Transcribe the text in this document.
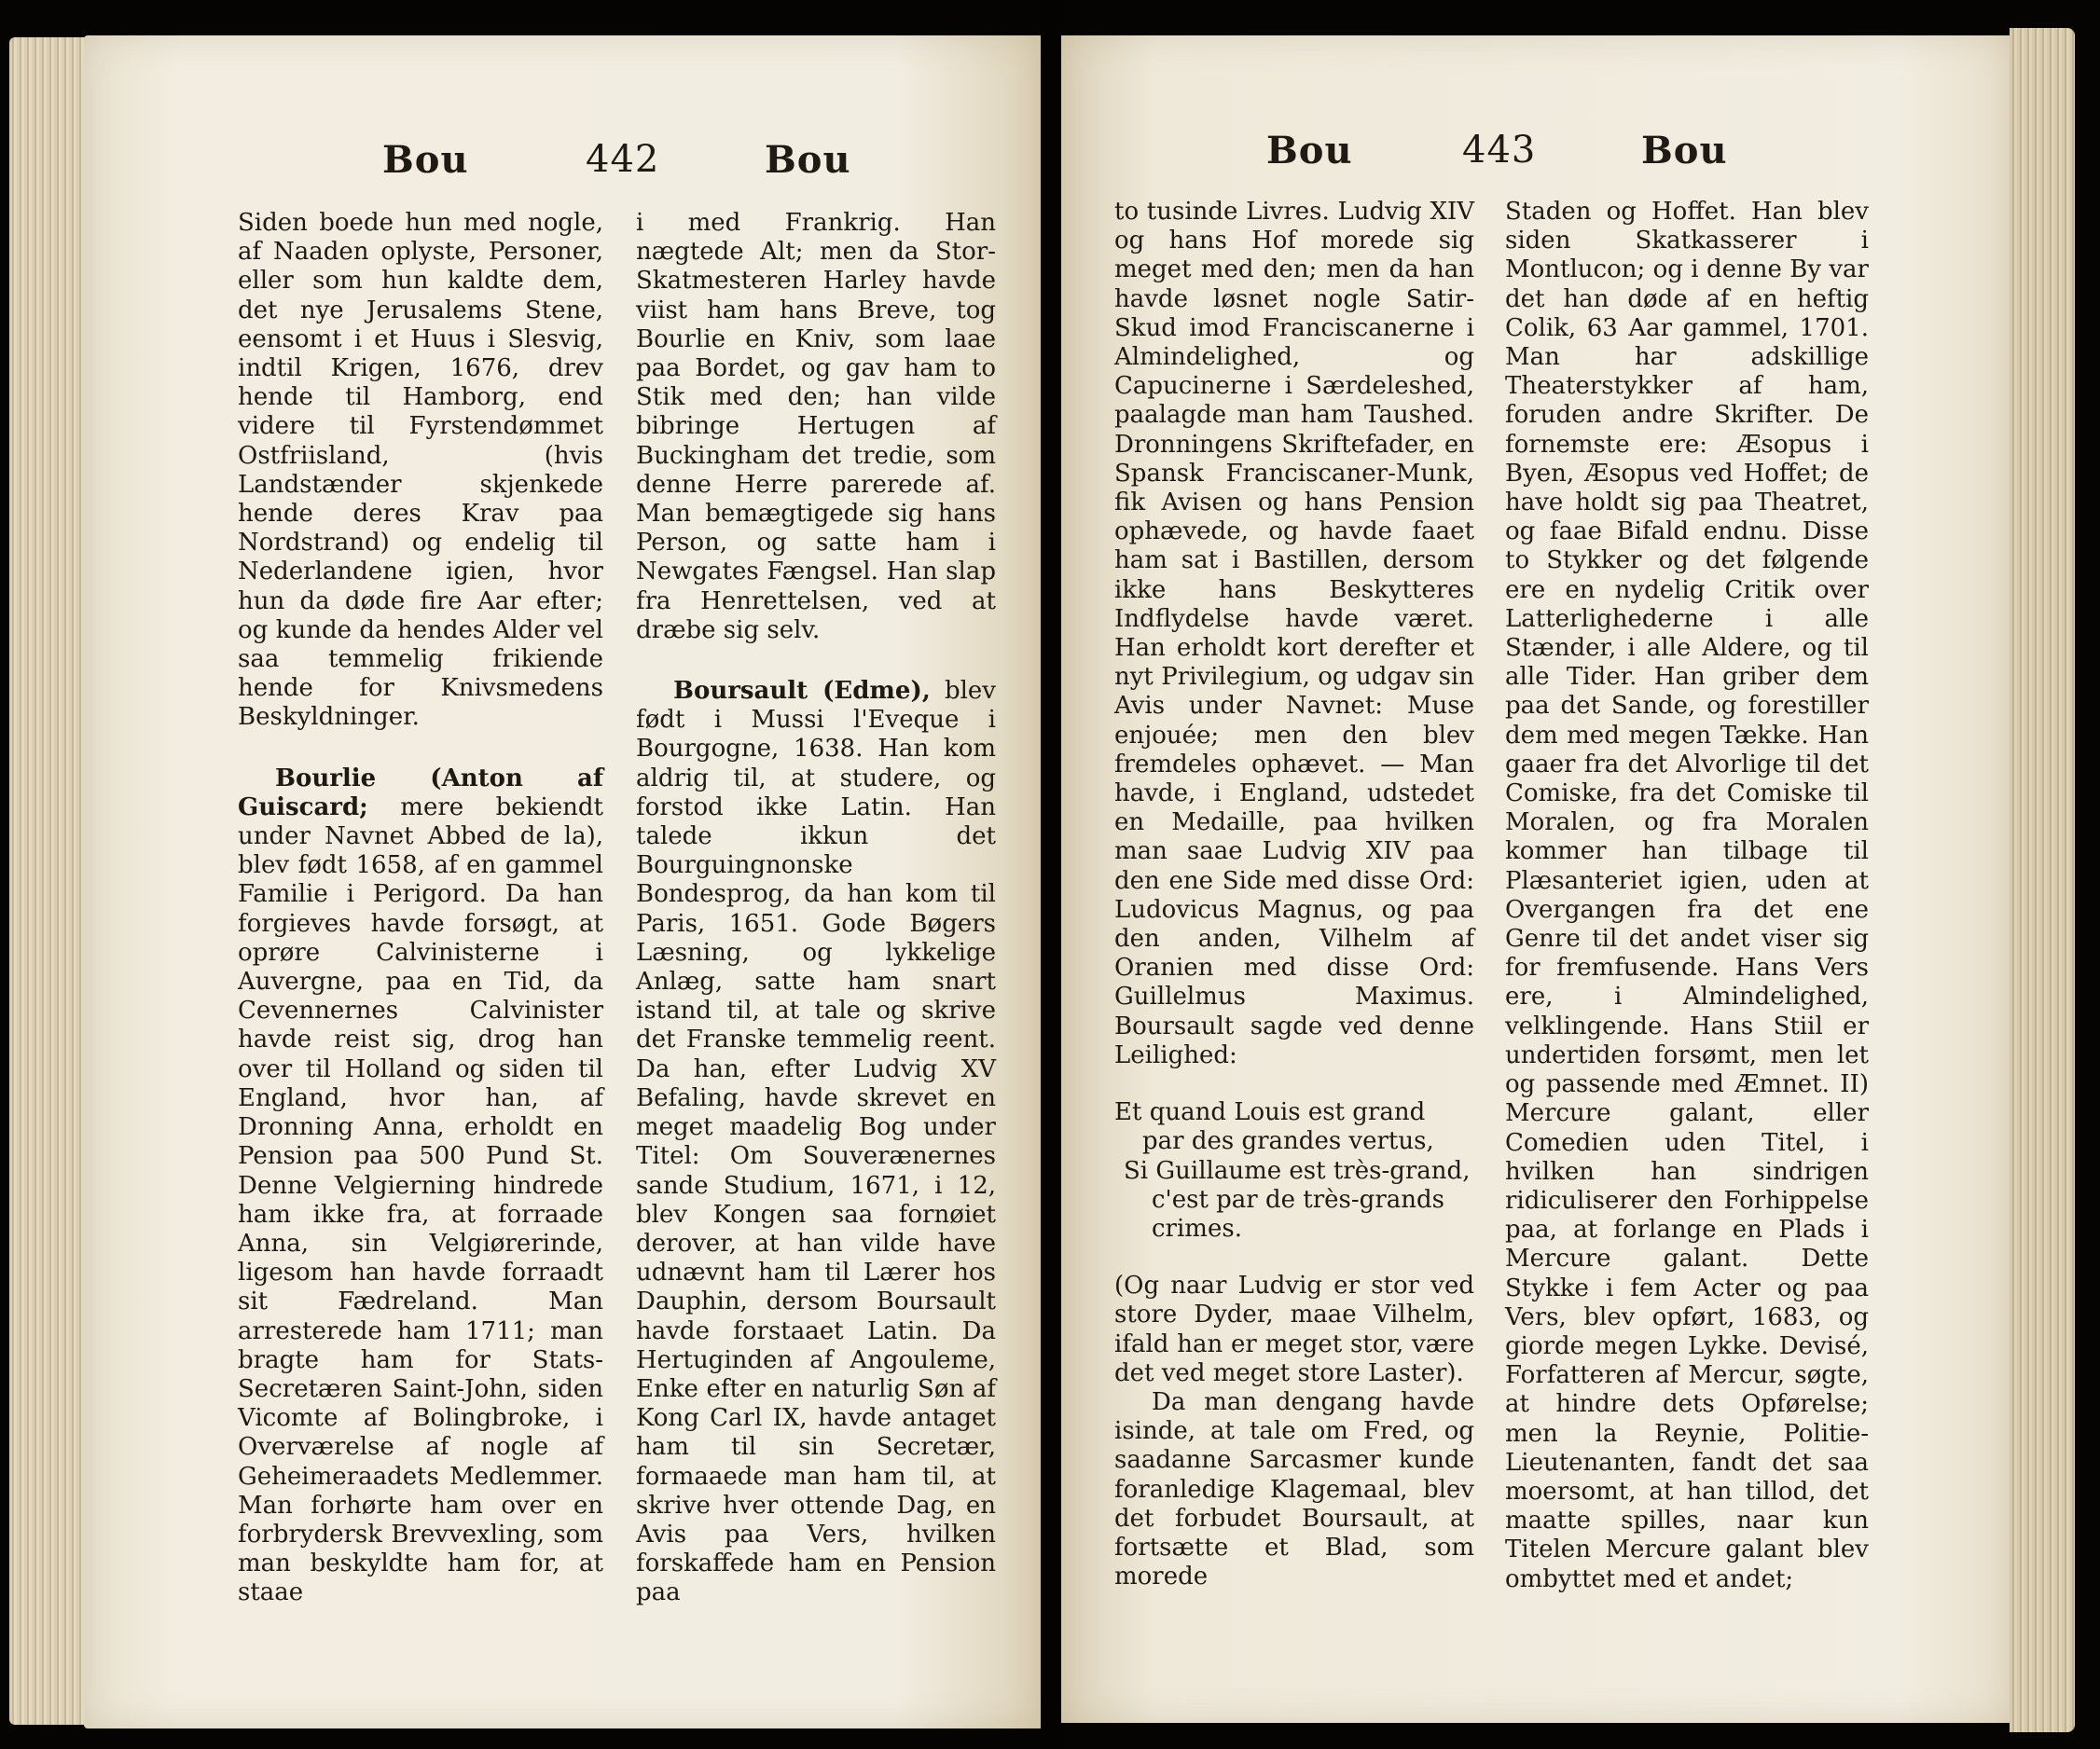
Bou	442	Bou

Siden boede hun med nogle, af Naaden oplyste, Personer, eller som hun kaldte dem, det nye Jerusalems Stene, eensomt i et Huus i Slesvig, indtil Krigen, 1676, drev hende til Hamborg, end videre til Fyrstendømmet Ostfriisland, (hvis Landstænder skjenkede hende deres Krav paa Nordstrand) og endelig til Nederlandene igien, hvor hun da døde fire Aar efter; og kunde da hendes Alder vel saa temmelig frikiende hende for Knivsmedens Beskyldninger.

Bourlie (Anton af Guiscard; mere bekiendt under Navnet Abbed de la), blev født 1658, af en gammel Familie i Perigord. Da han forgieves havde forsøgt, at oprøre Calvinisterne i Auvergne, paa en Tid, da Cevennernes Calvinister havde reist sig, drog han over til Holland og siden til England, hvor han, af Dronning Anna, erholdt en Pension paa 500 Pund St. Denne Velgierning hindrede ham ikke fra, at forraade Anna, sin Velgiørerinde, ligesom han havde forraadt sit Fædreland. Man arresterede ham 1711; man bragte ham for Stats-Secretæren Saint-John, siden Vicomte af Bolingbroke, i Overværelse af nogle af Geheimeraadets Medlemmer. Man forhørte ham over en forbrydersk Brevvexling, som man beskyldte ham for, at staae

i med Frankrig. Han nægtede Alt; men da Stor-Skatmesteren Harley havde viist ham hans Breve, tog Bourlie en Kniv, som laae paa Bordet, og gav ham to Stik med den; han vilde bibringe Hertugen af Buckingham det tredie, som denne Herre parerede af. Man bemægtigede sig hans Person, og satte ham i Newgates Fængsel. Han slap fra Henrettelsen, ved at dræbe sig selv.

Boursault (Edme), blev født i Mussi l'Eveque i Bourgogne, 1638. Han kom aldrig til, at studere, og forstod ikke Latin. Han talede ikkun det Bourguingnonske Bondesprog, da han kom til Paris, 1651. Gode Bøgers Læsning, og lykkelige Anlæg, satte ham snart istand til, at tale og skrive det Franske temmelig reent. Da han, efter Ludvig XV Befaling, havde skrevet en meget maadelig Bog under Titel: Om Souverænernes sande Studium, 1671, i 12, blev Kongen saa fornøiet derover, at han vilde have udnævnt ham til Lærer hos Dauphin, dersom Boursault havde forstaaet Latin. Da Hertuginden af Angouleme, Enke efter en naturlig Søn af Kong Carl IX, havde antaget ham til sin Secretær, formaaede man ham til, at skrive hver ottende Dag, en Avis paa Vers, hvilken forskaffede ham en Pension paa

Bou	443	Bou

to tusinde Livres. Ludvig XIV og hans Hof morede sig meget med den; men da han havde løsnet nogle Satir-Skud imod Franciscanerne i Almindelighed, og Capucinerne i Særdeleshed, paalagde man ham Taushed. Dronningens Skriftefader, en Spansk Franciscaner-Munk, fik Avisen og hans Pension ophævede, og havde faaet ham sat i Bastillen, dersom ikke hans Beskytteres Indflydelse havde været. Han erholdt kort derefter et nyt Privilegium, og udgav sin Avis under Navnet: Muse enjouée; men den blev fremdeles ophævet. — Man havde, i England, udstedet en Medaille, paa hvilken man saae Ludvig XIV paa den ene Side med disse Ord: Ludovicus Magnus, og paa den anden, Vilhelm af Oranien med disse Ord: Guillelmus Maximus. Boursault sagde ved denne Leilighed:

Et quand Louis est grand
par des grandes vertus,
Si Guillaume est très-grand,
c'est par de très-grands
crimes.

(Og naar Ludvig er stor ved store Dyder, maae Vilhelm, ifald han er meget stor, være det ved meget store Laster).

Da man dengang havde isinde, at tale om Fred, og saadanne Sarcasmer kunde foranledige Klagemaal, blev det forbudet Boursault, at fortsætte et Blad, som morede

Staden og Hoffet. Han blev siden Skatkasserer i Montlucon; og i denne By var det han døde af en heftig Colik, 63 Aar gammel, 1701. Man har adskillige Theaterstykker af ham, foruden andre Skrifter. De fornemste ere: Æsopus i Byen, Æsopus ved Hoffet; de have holdt sig paa Theatret, og faae Bifald endnu. Disse to Stykker og det følgende ere en nydelig Critik over Latterlighederne i alle Stænder, i alle Aldere, og til alle Tider. Han griber dem paa det Sande, og forestiller dem med megen Tække. Han gaaer fra det Alvorlige til det Comiske, fra det Comiske til Moralen, og fra Moralen kommer han tilbage til Plæsanteriet igien, uden at Overgangen fra det ene Genre til det andet viser sig for fremfusende. Hans Vers ere, i Almindelighed, velklingende. Hans Stiil er undertiden forsømt, men let og passende med Æmnet. II) Mercure galant, eller Comedien uden Titel, i hvilken han sindrigen ridiculiserer den Forhippelse paa, at forlange en Plads i Mercure galant. Dette Stykke i fem Acter og paa Vers, blev opført, 1683, og giorde megen Lykke. Devisé, Forfatteren af Mercur, søgte, at hindre dets Opførelse; men la Reynie, Politie-Lieutenanten, fandt det saa moersomt, at han tillod, det maatte spilles, naar kun Titelen Mercure galant blev ombyttet med et andet;
